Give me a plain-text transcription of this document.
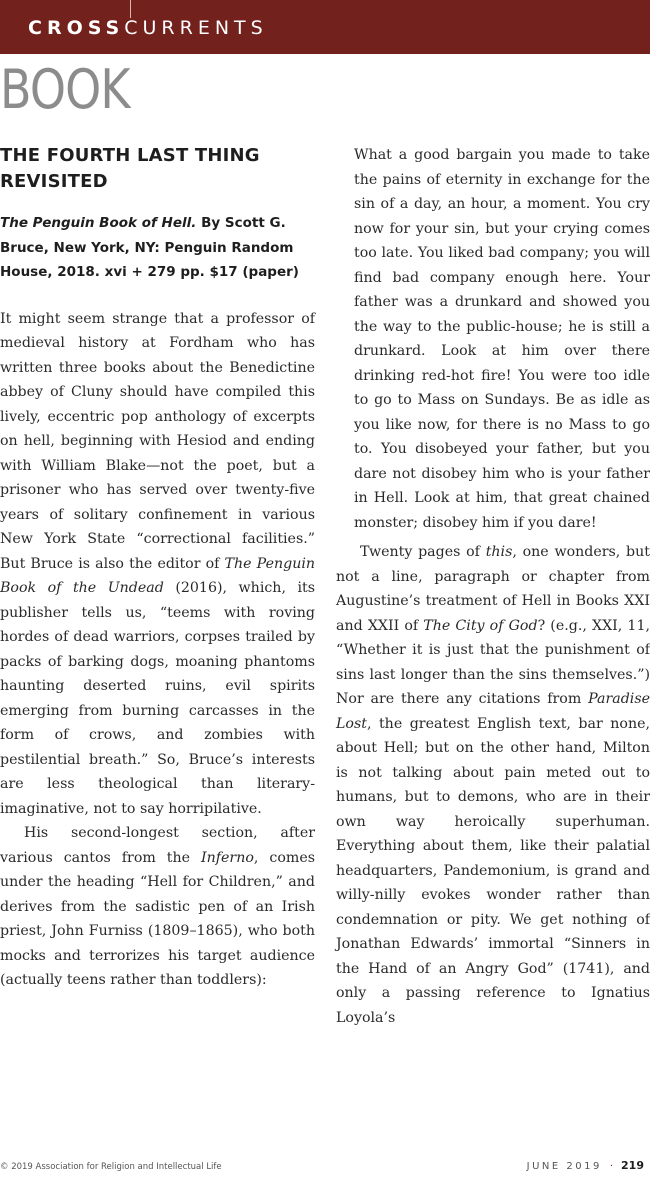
CROSSCURRENTS
BOOK
THE FOURTH LAST THING REVISITED

The Penguin Book of Hell. By Scott G. Bruce, New York, NY: Penguin Random House, 2018. xvi + 279 pp. $17 (paper)

It might seem strange that a professor of medieval history at Fordham who has written three books about the Benedictine abbey of Cluny should have compiled this lively, eccentric pop anthology of excerpts on hell, beginning with Hesiod and ending with William Blake—not the poet, but a prisoner who has served over twenty-five years of solitary confinement in various New York State “correctional facilities.” But Bruce is also the editor of The Penguin Book of the Undead (2016), which, its publisher tells us, “teems with roving hordes of dead warriors, corpses trailed by packs of barking dogs, moaning phantoms haunting deserted ruins, evil spirits emerging from burning carcasses in the form of crows, and zombies with pestilential breath.” So, Bruce’s interests are less theological than literary-imaginative, not to say horripilative.

His second-longest section, after various cantos from the Inferno, comes under the heading “Hell for Children,” and derives from the sadistic pen of an Irish priest, John Furniss (1809–1865), who both mocks and terrorizes his target audience (actually teens rather than toddlers):

What a good bargain you made to take the pains of eternity in exchange for the sin of a day, an hour, a moment. You cry now for your sin, but your crying comes too late. You liked bad company; you will find bad company enough here. Your father was a drunkard and showed you the way to the public-house; he is still a drunkard. Look at him over there drinking red-hot fire! You were too idle to go to Mass on Sundays. Be as idle as you like now, for there is no Mass to go to. You disobeyed your father, but you dare not disobey him who is your father in Hell. Look at him, that great chained monster; disobey him if you dare!

Twenty pages of this, one wonders, but not a line, paragraph or chapter from Augustine’s treatment of Hell in Books XXI and XXII of The City of God? (e.g., XXI, 11, “Whether it is just that the punishment of sins last longer than the sins themselves.”) Nor are there any citations from Paradise Lost, the greatest English text, bar none, about Hell; but on the other hand, Milton is not talking about pain meted out to humans, but to demons, who are in their own way heroically superhuman. Everything about them, like their palatial headquarters, Pandemonium, is grand and willy-nilly evokes wonder rather than condemnation or pity. We get nothing of Jonathan Edwards’ immortal “Sinners in the Hand of an Angry God” (1741), and only a passing reference to Ignatius Loyola’s

© 2019 Association for Religion and Intellectual Life	JUNE 2019 · 219
